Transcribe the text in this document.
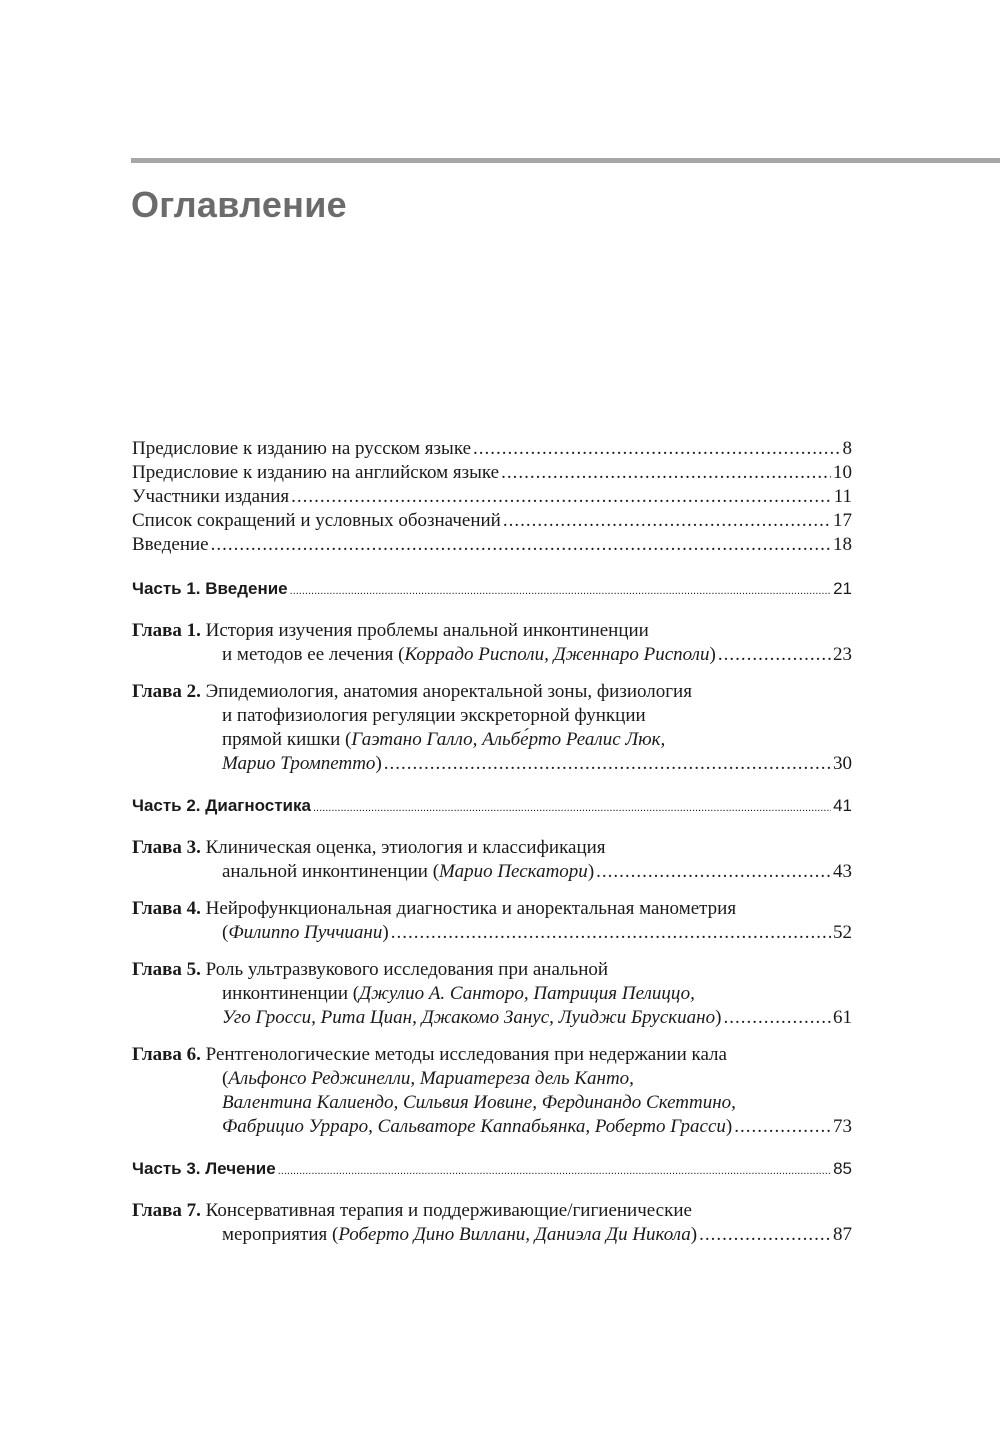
Оглавление
Предисловие к изданию на русском языке .....	8
Предисловие к изданию на английском языке .....	10
Участники издания .....	11
Список сокращений и условных обозначений .....	17
Введение .....	18
Часть 1. Введение .....	21
Глава 1. История изучения проблемы анальной инконтиненции
и методов ее лечения (Коррадо Рисполи, Дженнаро Рисполи) .....	23
Глава 2. Эпидемиология, анатомия аноректальной зоны, физиология
и патофизиология регуляции экскреторной функции
прямой кишки (Гаэтано Галло, Альбе́рто Реалис Люк,
Марио Тромпетто) .....	30
Часть 2. Диагностика .....	41
Глава 3. Клиническая оценка, этиология и классификация
анальной инконтиненции (Марио Пескатори) .....	43
Глава 4. Нейрофункциональная диагностика и аноректальная манометрия
(Филиппо Пуччиани) .....	52
Глава 5. Роль ультразвукового исследования при анальной
инконтиненции (Джулио А. Санторо, Патриция Пелиццо,
Уго Гросси, Рита Циан, Джакомо Занус, Луиджи Брускиано) .....	61
Глава 6. Рентгенологические методы исследования при недержании кала
(Альфонсо Реджинелли, Мариатереза дель Канто,
Валентина Калиендо, Сильвия Иовине, Фердинандо Скеттино,
Фабрицио Урраро, Сальваторе Каппабьянка, Роберто Грасси) .....	73
Часть 3. Лечение .....	85
Глава 7. Консервативная терапия и поддерживающие/гигиенические
мероприятия (Роберто Дино Виллани, Даниэла Ди Никола) .....	87
